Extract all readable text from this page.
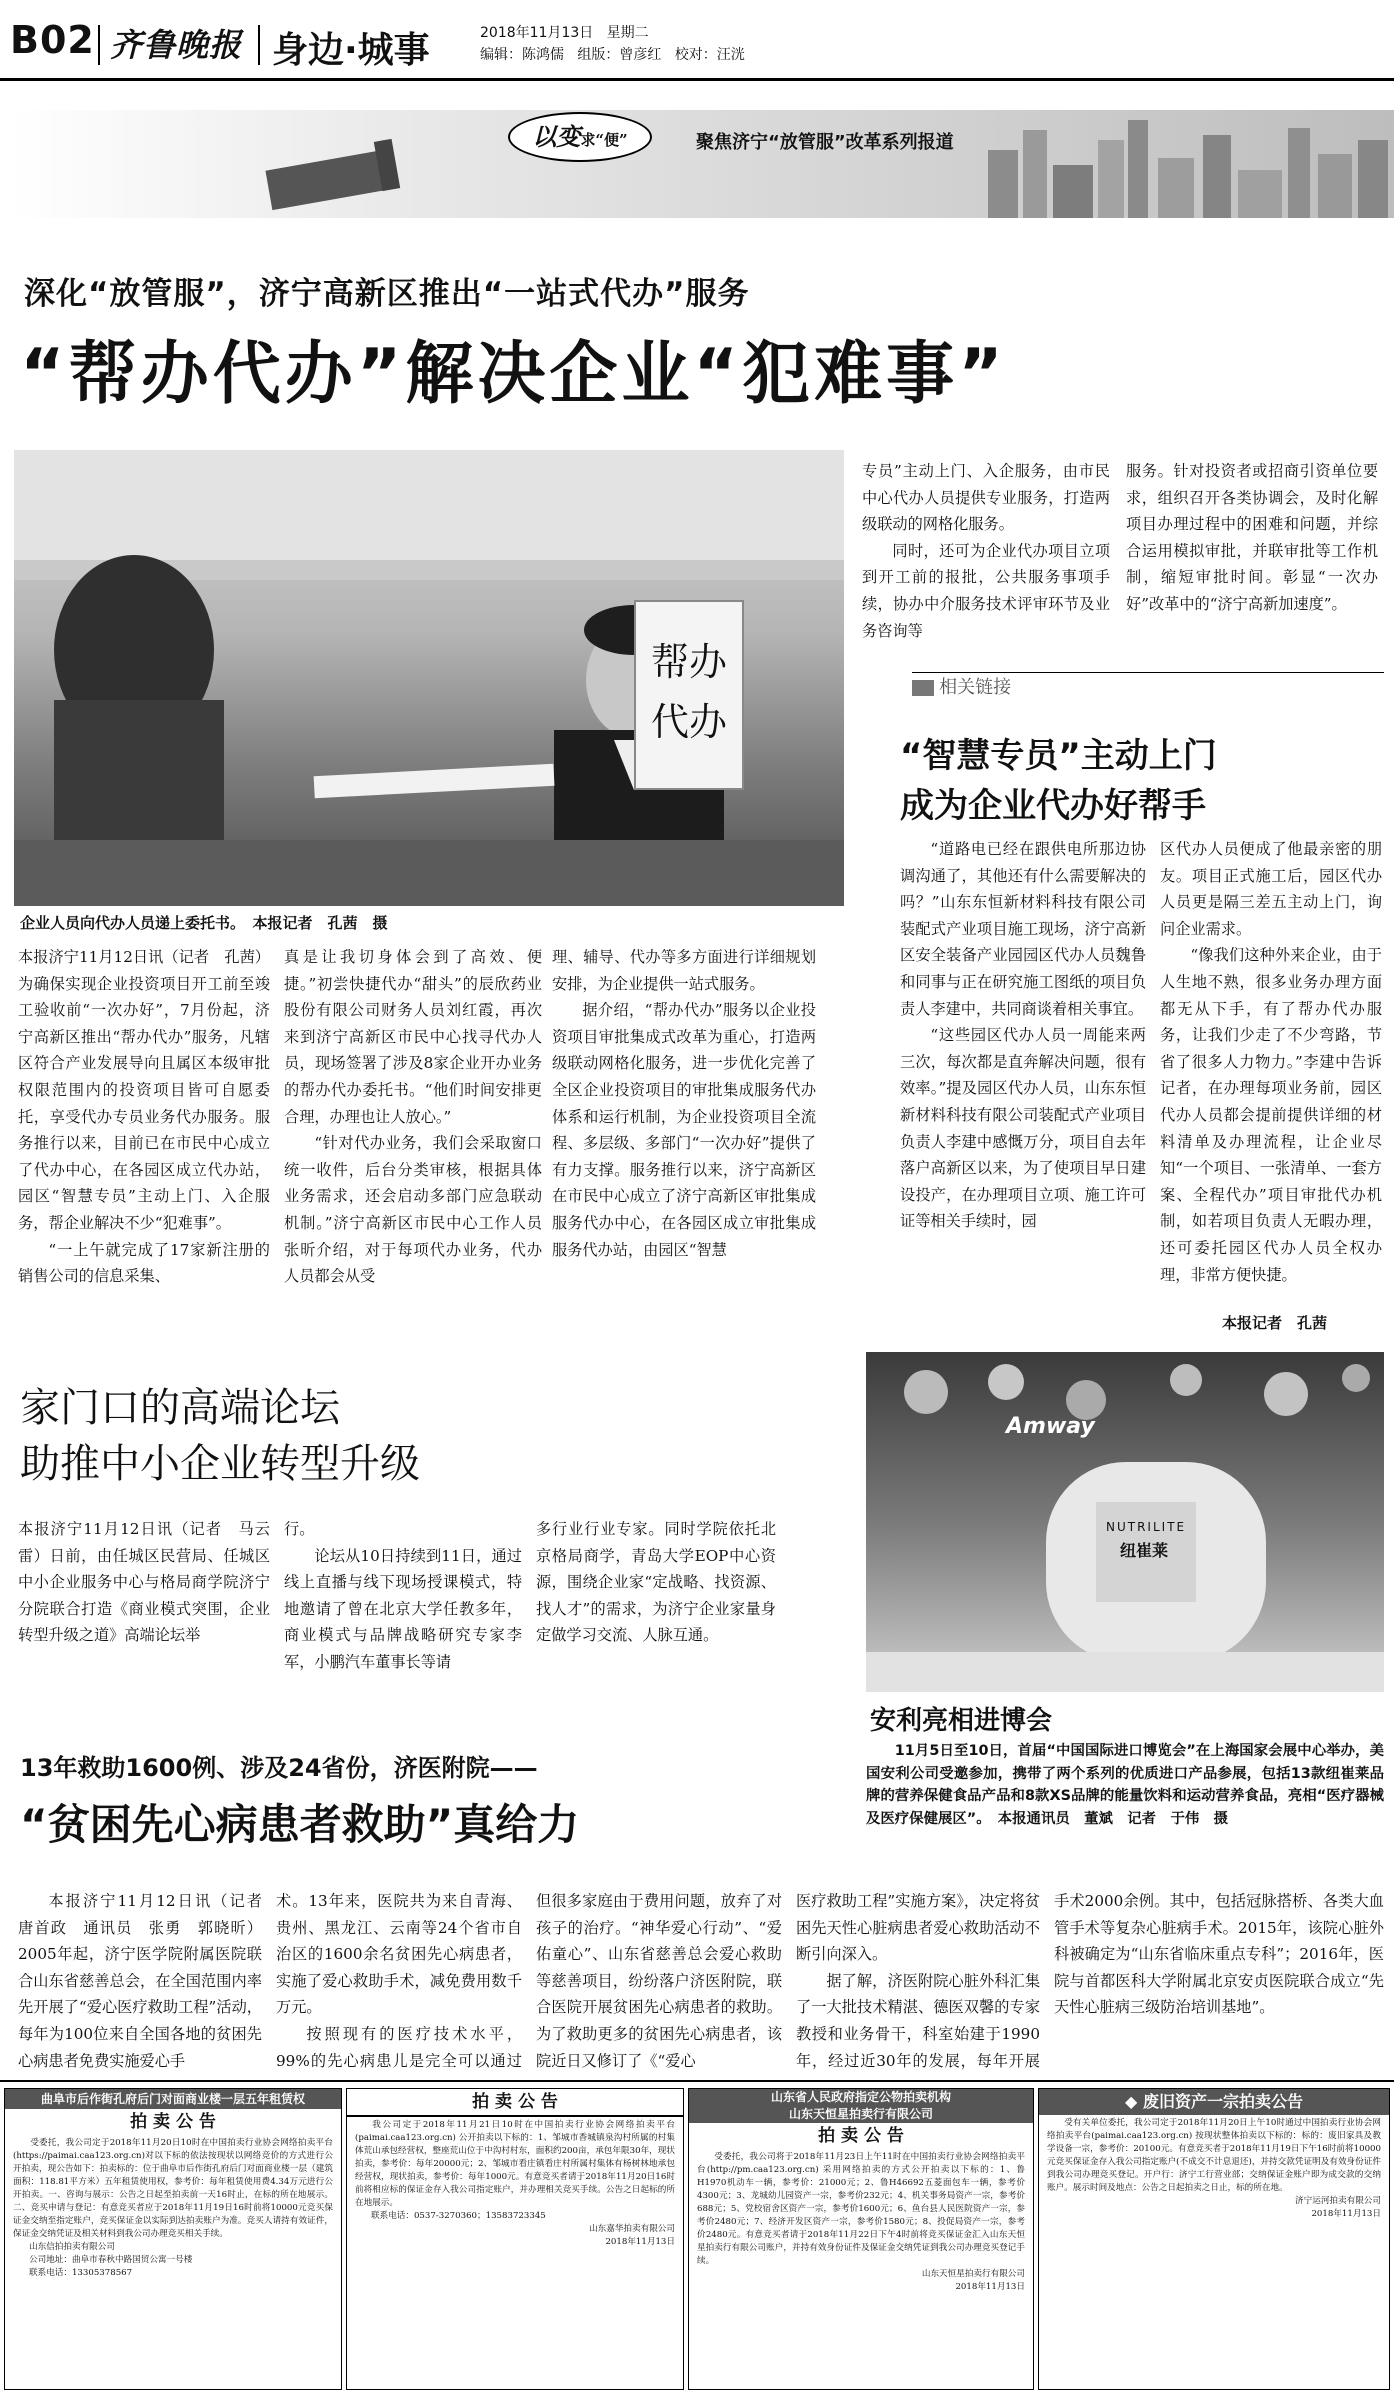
B02 齐鲁晚报 身边·城事	2018年11月13日 星期二
编辑：陈鸿儒 组版：曾彦红 校对：汪洸
以变求“便”	聚焦济宁“放管服”改革系列报道
深化“放管服”，济宁高新区推出“一站式代办”服务
“帮办代办”解决企业“犯难事”
帮办
代办
企业人员向代办人员递上委托书。　本报记者　孔茜　摄

本报济宁11月12日讯（记者　孔茜）为确保实现企业投资项目开工前至竣工验收前“一次办好”，7月份起，济宁高新区推出“帮办代办”服务，凡辖区符合产业发展导向且属区本级审批权限范围内的投资项目皆可自愿委托，享受代办专员业务代办服务。服务推行以来，目前已在市民中心成立了代办中心，在各园区成立代办站，园区“智慧专员”主动上门、入企服务，帮企业解决不少“犯难事”。

“一上午就完成了17家新注册的销售公司的信息采集、

真是让我切身体会到了高效、便捷。”初尝快捷代办“甜头”的辰欣药业股份有限公司财务人员刘红霞，再次来到济宁高新区市民中心找寻代办人员，现场签署了涉及8家企业开办业务的帮办代办委托书。“他们时间安排更合理，办理也让人放心。”

“针对代办业务，我们会采取窗口统一收件，后台分类审核，根据具体业务需求，还会启动多部门应急联动机制。”济宁高新区市民中心工作人员张昕介绍，对于每项代办业务，代办人员都会从受

理、辅导、代办等多方面进行详细规划安排，为企业提供一站式服务。

据介绍，“帮办代办”服务以企业投资项目审批集成式改革为重心，打造两级联动网格化服务，进一步优化完善了全区企业投资项目的审批集成服务代办体系和运行机制，为企业投资项目全流程、多层级、多部门“一次办好”提供了有力支撑。服务推行以来，济宁高新区在市民中心成立了济宁高新区审批集成服务代办中心，在各园区成立审批集成服务代办站，由园区“智慧

专员”主动上门、入企服务，由市民中心代办人员提供专业服务，打造两级联动的网格化服务。

同时，还可为企业代办项目立项到开工前的报批，公共服务事项手续，协办中介服务技术评审环节及业务咨询等

服务。针对投资者或招商引资单位要求，组织召开各类协调会，及时化解项目办理过程中的困难和问题，并综合运用模拟审批，并联审批等工作机制，缩短审批时间。彰显“一次办好”改革中的“济宁高新加速度”。

相关链接
“智慧专员”主动上门
成为企业代办好帮手

“道路电已经在跟供电所那边协调沟通了，其他还有什么需要解决的吗？”山东东恒新材料科技有限公司装配式产业项目施工现场，济宁高新区安全装备产业园园区代办人员魏鲁和同事与正在研究施工图纸的项目负责人李建中，共同商谈着相关事宜。

“这些园区代办人员一周能来两三次，每次都是直奔解决问题，很有效率。”提及园区代办人员，山东东恒新材料科技有限公司装配式产业项目负责人李建中感慨万分，项目自去年落户高新区以来，为了使项目早日建设投产，在办理项目立项、施工许可证等相关手续时，园

区代办人员便成了他最亲密的朋友。项目正式施工后，园区代办人员更是隔三差五主动上门，询问企业需求。

“像我们这种外来企业，由于人生地不熟，很多业务办理方面都无从下手，有了帮办代办服务，让我们少走了不少弯路，节省了很多人力物力。”李建中告诉记者，在办理每项业务前，园区代办人员都会提前提供详细的材料清单及办理流程，让企业尽知“一个项目、一张清单、一套方案、全程代办”项目审批代办机制，如若项目负责人无暇办理，还可委托园区代办人员全权办理，非常方便快捷。

本报记者　孔茜
家门口的高端论坛
助推中小企业转型升级

本报济宁11月12日讯（记者　马云雷）日前，由任城区民营局、任城区中小企业服务中心与格局商学院济宁分院联合打造《商业模式突围，企业转型升级之道》高端论坛举

行。

论坛从10日持续到11日，通过线上直播与线下现场授课模式，特地邀请了曾在北京大学任教多年，商业模式与品牌战略研究专家李军，小鹏汽车董事长等请

多行业行业专家。同时学院依托北京格局商学，青岛大学EOP中心资源，围绕企业家“定战略、找资源、找人才”的需求，为济宁企业家量身定做学习交流、人脉互通。

Amway
NUTRILITE
纽崔莱
安利亮相进博会

11月5日至10日，首届“中国国际进口博览会”在上海国家会展中心举办，美国安利公司受邀参加，携带了两个系列的优质进口产品参展，包括13款纽崔莱品牌的营养保健食品产品和8款XS品牌的能量饮料和运动营养食品，亮相“医疗器械及医疗保健展区”。　本报通讯员　董斌　记者　于伟　摄

13年救助1600例、涉及24省份，济医附院——
“贫困先心病患者救助”真给力

本报济宁11月12日讯（记者　唐首政　通讯员　张勇　郭晓昕）2005年起，济宁医学院附属医院联合山东省慈善总会，在全国范围内率先开展了“爱心医疗救助工程”活动，每年为100位来自全国各地的贫困先心病患者免费实施爱心手

术。13年来，医院共为来自青海、贵州、黑龙江、云南等24个省市自治区的1600余名贫困先心病患者，实施了爱心救助手术，减免费用数千万元。

按照现有的医疗技术水平，99%的先心病患儿是完全可以通过

但很多家庭由于费用问题，放弃了对孩子的治疗。“神华爱心行动”、“爱佑童心”、山东省慈善总会爱心救助等慈善项目，纷纷落户济医附院，联合医院开展贫困先心病患者的救助。为了救助更多的贫困先心病患者，该院近日又修订了《“爱心

医疗救助工程”实施方案》，决定将贫困先天性心脏病患者爱心救助活动不断引向深入。

据了解，济医附院心脏外科汇集了一大批技术精湛、德医双馨的专家教授和业务骨干，科室始建于1990年，经过近30年的发展，每年开展

手术2000余例。其中，包括冠脉搭桥、各类大血管手术等复杂心脏病手术。2015年，该院心脏外科被确定为“山东省临床重点专科”；2016年，医院与首都医科大学附属北京安贞医院联合成立“先天性心脏病三级防治培训基地”。

曲阜市后作街孔府后门对面商业楼一层五年租赁权
拍 卖 公 告

受委托，我公司定于2018年11月20日10时在中国拍卖行业协会网络拍卖平台(https://paimai.caa123.org.cn)对以下标的依法按现状以网络竞价的方式进行公开拍卖，现公告如下：拍卖标的：位于曲阜市后作街孔府后门对面商业楼一层（建筑面积：118.81平方米）五年租赁使用权，参考价：每年租赁使用费4.34万元进行公开拍卖。一、咨询与展示：公告之日起至拍卖前一天16时止，在标的所在地展示。二、竞买申请与登记：有意竞买者应于2018年11月19日16时前将10000元竞买保证金交纳至指定账户，竞买保证金以实际到达拍卖账户为准。竞买人请持有效证件，保证金交纳凭证及相关材料到我公司办理竞买相关手续。

山东信拍拍卖有限公司
公司地址：曲阜市春秋中路国贸公寓一号楼
联系电话：13305378567
拍 卖 公 告

我公司定于2018年11月21日10时在中国拍卖行业协会网络拍卖平台(paimai.caa123.org.cn) 公开拍卖以下标的：1、邹城市香城镇泉沟村所属的村集体荒山承包经营权，整座荒山位于中沟村村东，面积约200亩，承包年限30年，现状拍卖，参考价：每年20000元；2、邹城市看庄镇看庄村所属村集体有杨树林地承包经营权，现状拍卖，参考价：每年1000元。有意竞买者请于2018年11月20日16时前将相应标的保证金存入我公司指定账户，并办理相关竞买手续。公告之日起标的所在地展示。

联系电话：0537-3270360；13583723345
山东嘉华拍卖有限公司
2018年11月13日
山东省人民政府指定公物拍卖机构
山东天恒星拍卖行有限公司
拍 卖 公 告

受委托，我公司将于2018年11月23日上午11时在中国拍卖行业协会网络拍卖平台(http://pm.caa123.org.cn) 采用网络拍卖的方式公开拍卖以下标的：1、鲁H1970机动车一辆，参考价：21000元；2、鲁H46692五菱面包车一辆，参考价4300元；3、龙城幼儿园资产一宗，参考价232元；4、机关事务局资产一宗，参考价688元；5、党校宿舍区资产一宗，参考价1600元；6、鱼台县人民医院资产一宗，参考价2480元；7、经济开发区资产一宗，参考价1580元；8、投促局资产一宗，参考价2480元。有意竞买者请于2018年11月22日下午4时前将竞买保证金汇入山东天恒星拍卖行有限公司账户，并持有效身份证件及保证金交纳凭证到我公司办理竞买登记手续。

山东天恒星拍卖行有限公司
2018年11月13日
◆ 废旧资产一宗拍卖公告

受有关单位委托，我公司定于2018年11月20日上午10时通过中国拍卖行业协会网络拍卖平台(paimai.caa123.org.cn) 按现状整体拍卖以下标的：标的：废旧家具及教学设备一宗，参考价：20100元。有意竞买者于2018年11月19日下午16时前将10000元竞买保证金存入我公司指定账户(不成交不计息退还)，并持交款凭证明及有效身份证件到我公司办理竞买登记。开户行：济宁工行营业部；交纳保证金账户即为成交款的交纳账户。展示时间及地点：公告之日起拍卖之日止，标的所在地。

济宁运河拍卖有限公司
2018年11月13日
